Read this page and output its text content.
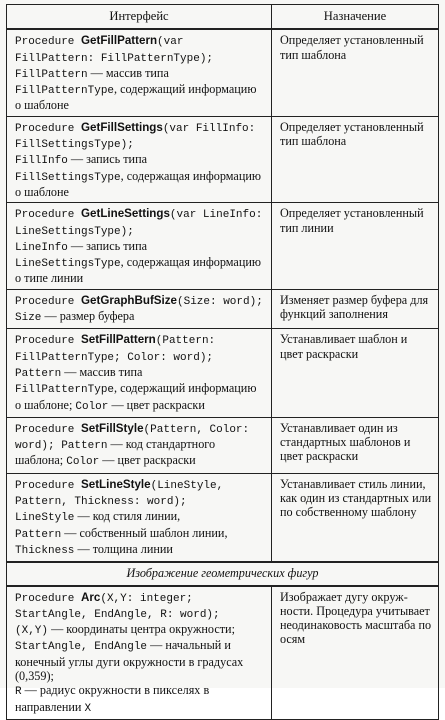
Интерфейс	Назначение
Procedure GetFillPattern(var FillPattern: FillPatternType);
FillPattern — массив типа
FillPatternType, содержащий информацию о шаблоне	Определяет установленный тип шаблона
Procedure GetFillSettings(var FillInfo: FillSettingsType);
FillInfo — запись типа
FillSettingsType, содержащая информацию о шаблоне	Определяет установленный тип шаблона
Procedure GetLineSettings(var LineInfo: LineSettingsType);
LineInfo — запись типа
LineSettingsType, содержащая информацию о типе линии	Определяет установленный тип линии
Procedure GetGraphBufSize(Size: word); Size — размер буфера	Изменяет размер буфера для функций заполнения
Procedure SetFillPattern(Pattern: FillPatternType; Color: word);
Pattern — массив типа
FillPatternType, содержащий информацию о шаблоне; Color — цвет раскраски	Устанавливает шаблон и цвет раскраски
Procedure SetFillStyle(Pattern, Color: word); Pattern — код стандартного шаблона; Color — цвет раскраски	Устанавливает один из стандартных шаблонов и цвет раскраски
Procedure SetLineStyle(LineStyle, Pattern, Thickness: word);
LineStyle — код стиля линии,
Pattern — собственный шаблон линии,
Thickness — толщина линии	Устанавливает стиль линии, как один из стандартных или по собственному шаблону
Изображение геометрических фигур	
Procedure Arc(X,Y: integer; StartAngle, EndAngle, R: word);
(X,Y) — координаты центра окружности;
StartAngle, EndAngle — начальный и конечный углы дуги окружности в градусах (0,359);
R — радиус окружности в пикселях в направлении X	Изображает дугу окружности. Процедура учитывает неодинаковость масштаба по осям
